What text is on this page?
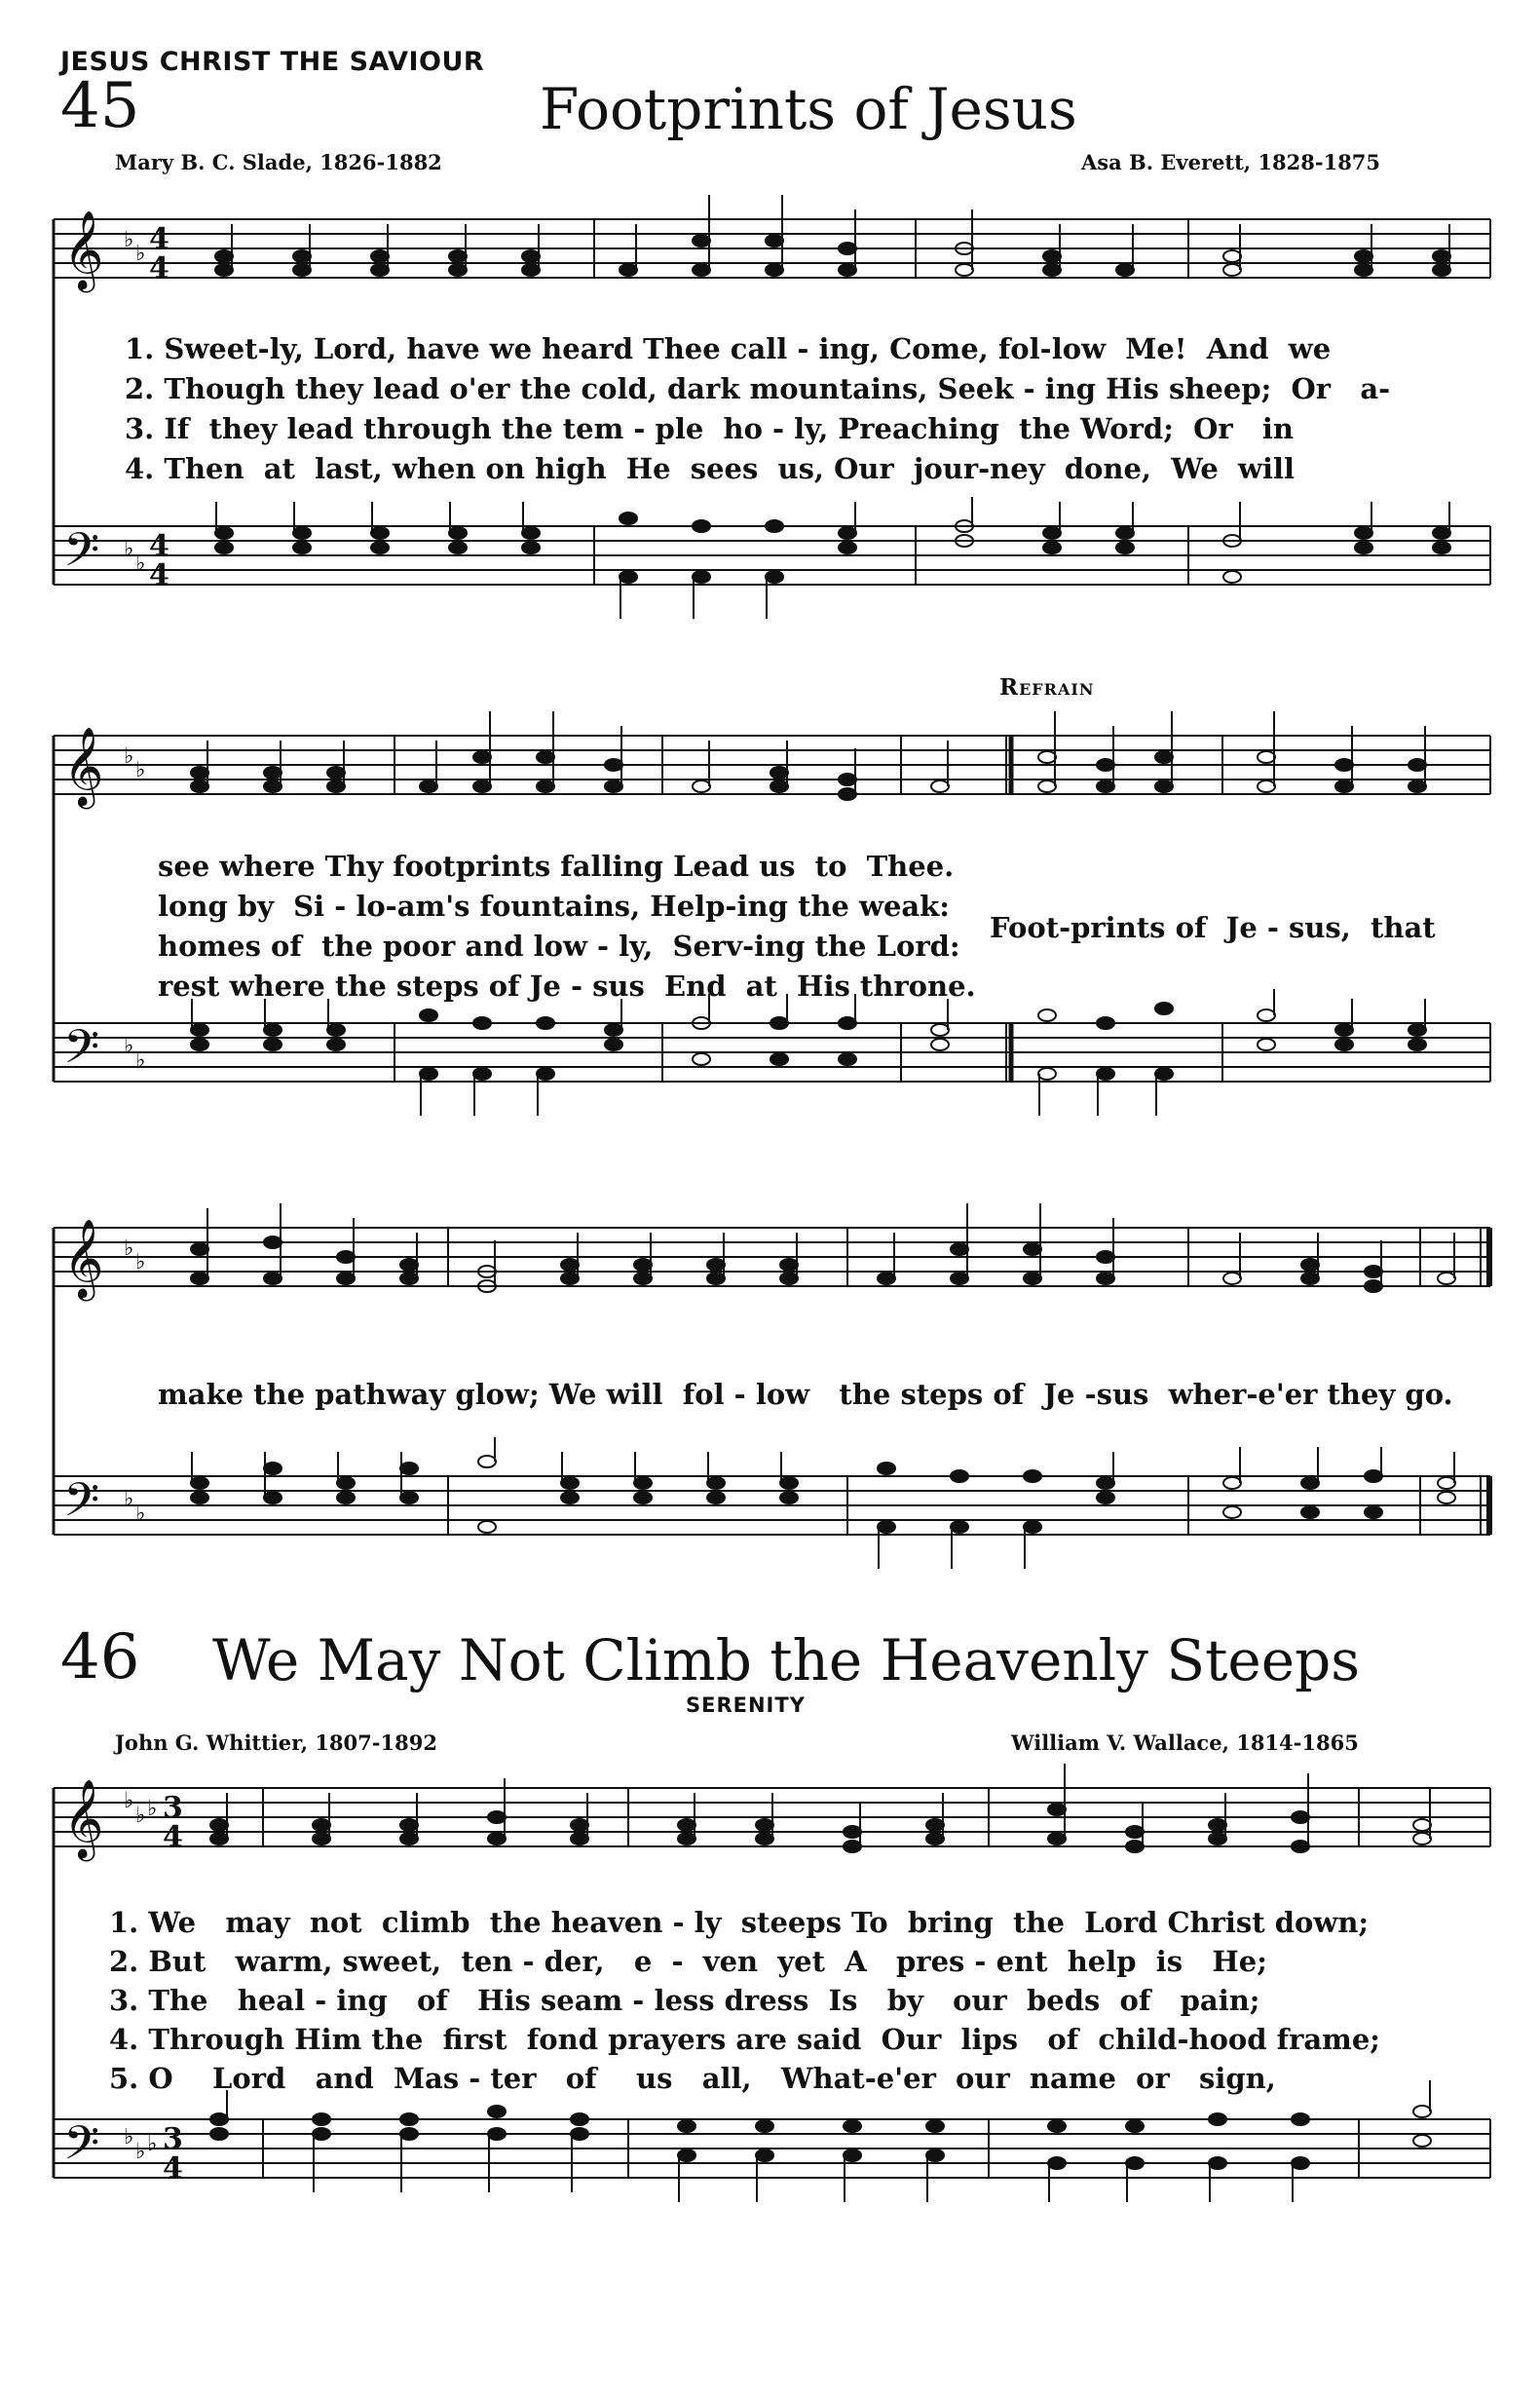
JESUS CHRIST THE SAVIOUR
45	Footprints of Jesus
Mary B. C. Slade, 1826-1882	Asa B. Everett, 1828-1875
𝄞
𝄢
♭
♭ 4
4
♭
♭
4
4
1. Sweet-ly, Lord, have we heard Thee call - ing, Come, fol-low  Me!  And  we
2. Though they lead o'er the cold, dark mountains, Seek - ing His sheep;  Or   a-
3. If  they lead through the tem - ple  ho - ly, Preaching  the Word;  Or   in
4. Then  at  last, when on high  He  sees  us, Our  jour-ney  done,  We  will
Refrain
𝄞
𝄢
♭
♭
♭
♭
see where Thy footprints falling Lead us  to  Thee.
long by  Si - lo-am's fountains, Help-ing the weak:
homes of  the poor and low - ly,  Serv-ing the Lord:
rest where the steps of Je - sus  End  at  His throne.
Foot-prints of  Je - sus,  that
𝄞
𝄢
♭
♭
♭
♭
make the pathway glow; We will  fol - low   the steps of  Je -sus  wher-e'er they go.
46 We May Not Climb the Heavenly Steeps
SERENITY
John G. Whittier, 1807-1892	William V. Wallace, 1814-1865
𝄞
𝄢
♭
♭ ♭ 3
4
♭
♭ ♭ 3
4
1. We   may  not  climb  the heaven - ly  steeps To  bring  the  Lord Christ down;
2. But   warm, sweet,  ten - der,   e  -  ven  yet  A   pres - ent  help  is   He;
3. The   heal - ing   of   His seam - less dress  Is   by   our  beds  of   pain;
4. Through Him the  first  fond prayers are said  Our  lips   of  child-hood frame;
5. O    Lord   and  Mas - ter   of    us   all,   What-e'er  our  name  or   sign,
